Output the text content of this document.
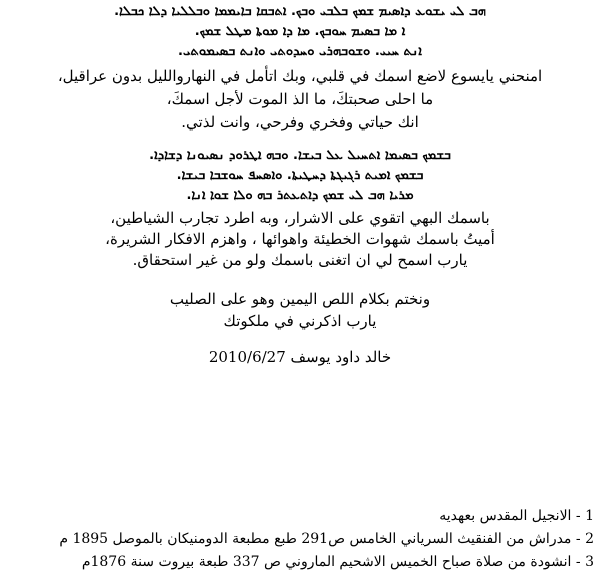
ܗܒ ܠܝ ܝܫܘܥ ܕܐܣܝܡ ܫܡܟ ܒܠܒܝ ܘܒܟ. ܐܬܒܩܐ ܒܐܝܡܡܐ ܘܒܠܠܝܐ ܕܠܐ ܟܒܠܐ.
ܐ ܡܐ ܒܣܝܡ ܚܘܒܟ. ܡܐ ܕܐ ܡܘܬܐ ܡܛܠ ܫܡܟ.
ܐܢܬ ܚܝܝ. ܘܫܘܒܗܪܝ ܘܚܕܘܬܝ ܘܐܢܬ ܒܣܝܡܘܬܝ.
امنحني يايسوع لاضع اسمك في قلبي، وبك اتأمل في النهاروالليل بدون عراقيل،
ما احلى صحبتكَ، ما الذ الموت لأجل اسمكَ،
انك حياتي وفخري وفرحي، وانت لذتي.
ܒܫܡܟ ܒܣܝܡܐ ܐܬܚܝܠ ܥܠ ܒܝܫܐ. ܘܒܗ ܐܛܪܘܕ ܢܣܝܘܢܐ ܕܫܐܕܐ.
ܒܫܡܟ ܐܡܝܬ ܪܓܝܓܬܐ ܕܚܛܝܬܐ. ܘܐܣܚܦ ܚܘܫܒܐ ܒܝܫܐ.
ܡܪܝܐ ܗܒ ܠܝ ܫܡܟ ܕܐܬܥܬܪ ܒܗ ܘܠܐ ܫܘܐ ܐܢܐ.
باسمك البهي اتقوي على الاشرار، وبه اطرد تجارب الشياطين،
أميتُ باسمك شهوات الخطيئة واهوائها ، واهزم الافكار الشريرة،
يارب اسمح لي ان اتغنى باسمك ولو من غير استحقاق.
ونختم بكلام اللص اليمين وهو على الصليب
يارب اذكرني في ملكوتك
خالد داود يوسف 2010/6/27
1 - الانجيل المقدس بعهديه
2 - مدراش من الفنقيث السرياني الخامس ص291 طبع مطبعة الدومنيكان بالموصل 1895 م
3 - انشودة من صلاة صباح الخميس الاشحيم الماروني ص 337 طبعة بيروت سنة 1876م
